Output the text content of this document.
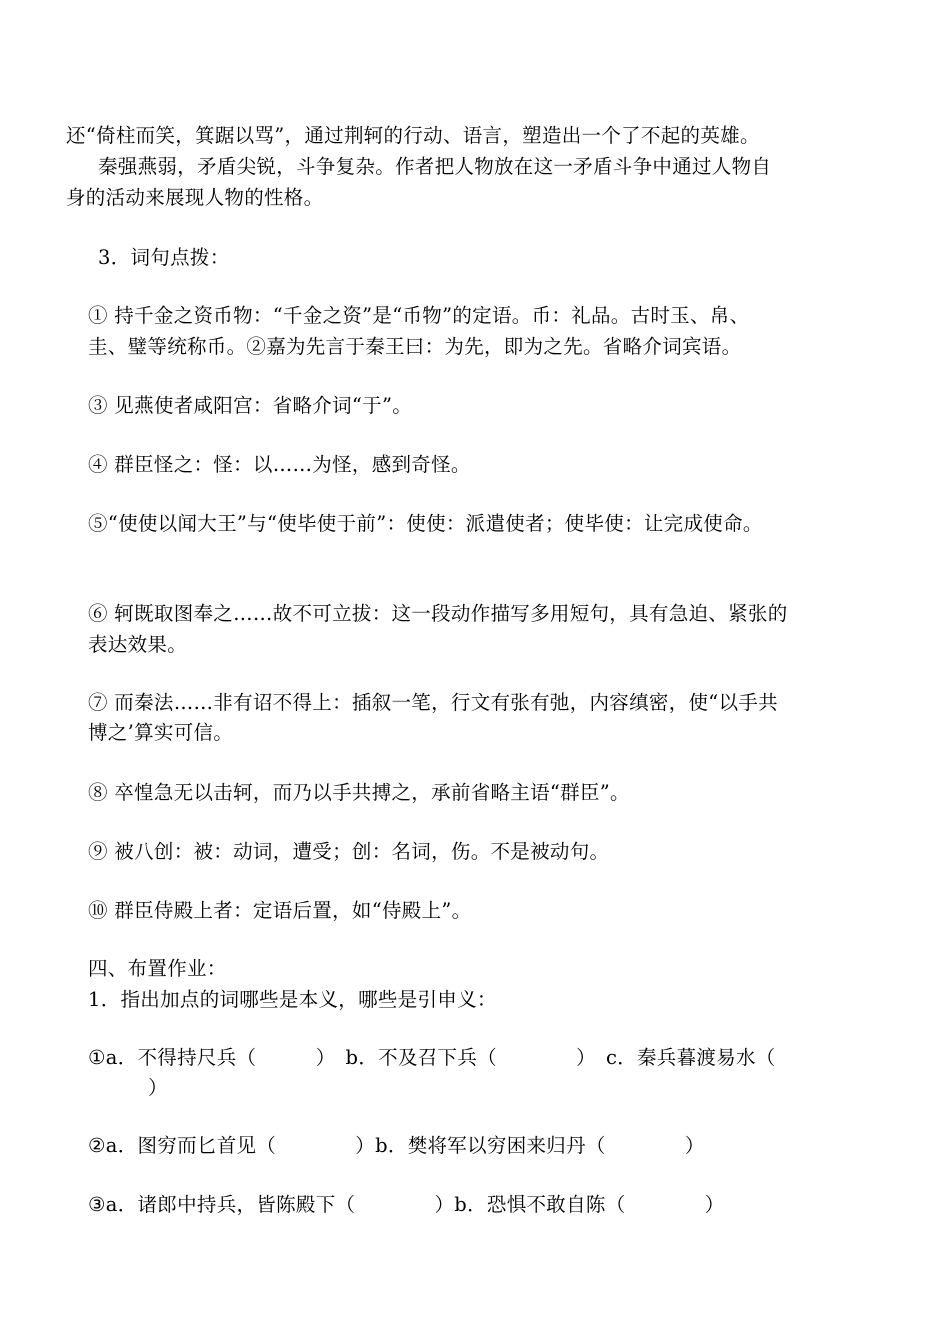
还“倚柱而笑，箕踞以骂”，通过荆轲的行动、语言，塑造出一个了不起的英雄。
秦强燕弱，矛盾尖锐，斗争复杂。作者把人物放在这一矛盾斗争中通过人物自
身的活动来展现人物的性格。
3．词句点拨：
① 持千金之资币物：“千金之资”是“币物”的定语。币：礼品。古时玉、帛、
圭、璧等统称币。②嘉为先言于秦王曰：为先，即为之先。省略介词宾语。
③ 见燕使者咸阳宫：省略介词“于”。
④ 群臣怪之：怪：以……为怪，感到奇怪。
⑤“使使以闻大王”与“使毕使于前”：使使：派遣使者；使毕使：让完成使命。
⑥ 轲既取图奉之……故不可立拔：这一段动作描写多用短句，具有急迫、紧张的
表达效果。
⑦ 而秦法……非有诏不得上：插叙一笔，行文有张有弛，内容缜密，使“以手共
博之’算实可信。
⑧ 卒惶急无以击轲，而乃以手共搏之，承前省略主语“群臣”。
⑨ 被八创：被：动词，遭受；创：名词，伤。不是被动句。
⑩ 群臣侍殿上者：定语后置，如“侍殿上”。
四、布置作业：
1．指出加点的词哪些是本义，哪些是引申义：
①a．不得持尺兵（　　　）　b．不及召下兵（　　　　）　c．秦兵暮渡易水（
）
②a．图穷而匕首见（　　　　）b．樊将军以穷困来归丹（　　　　）
③a．诸郎中持兵，皆陈殿下（　　　　）b．恐惧不敢自陈（　　　　）
